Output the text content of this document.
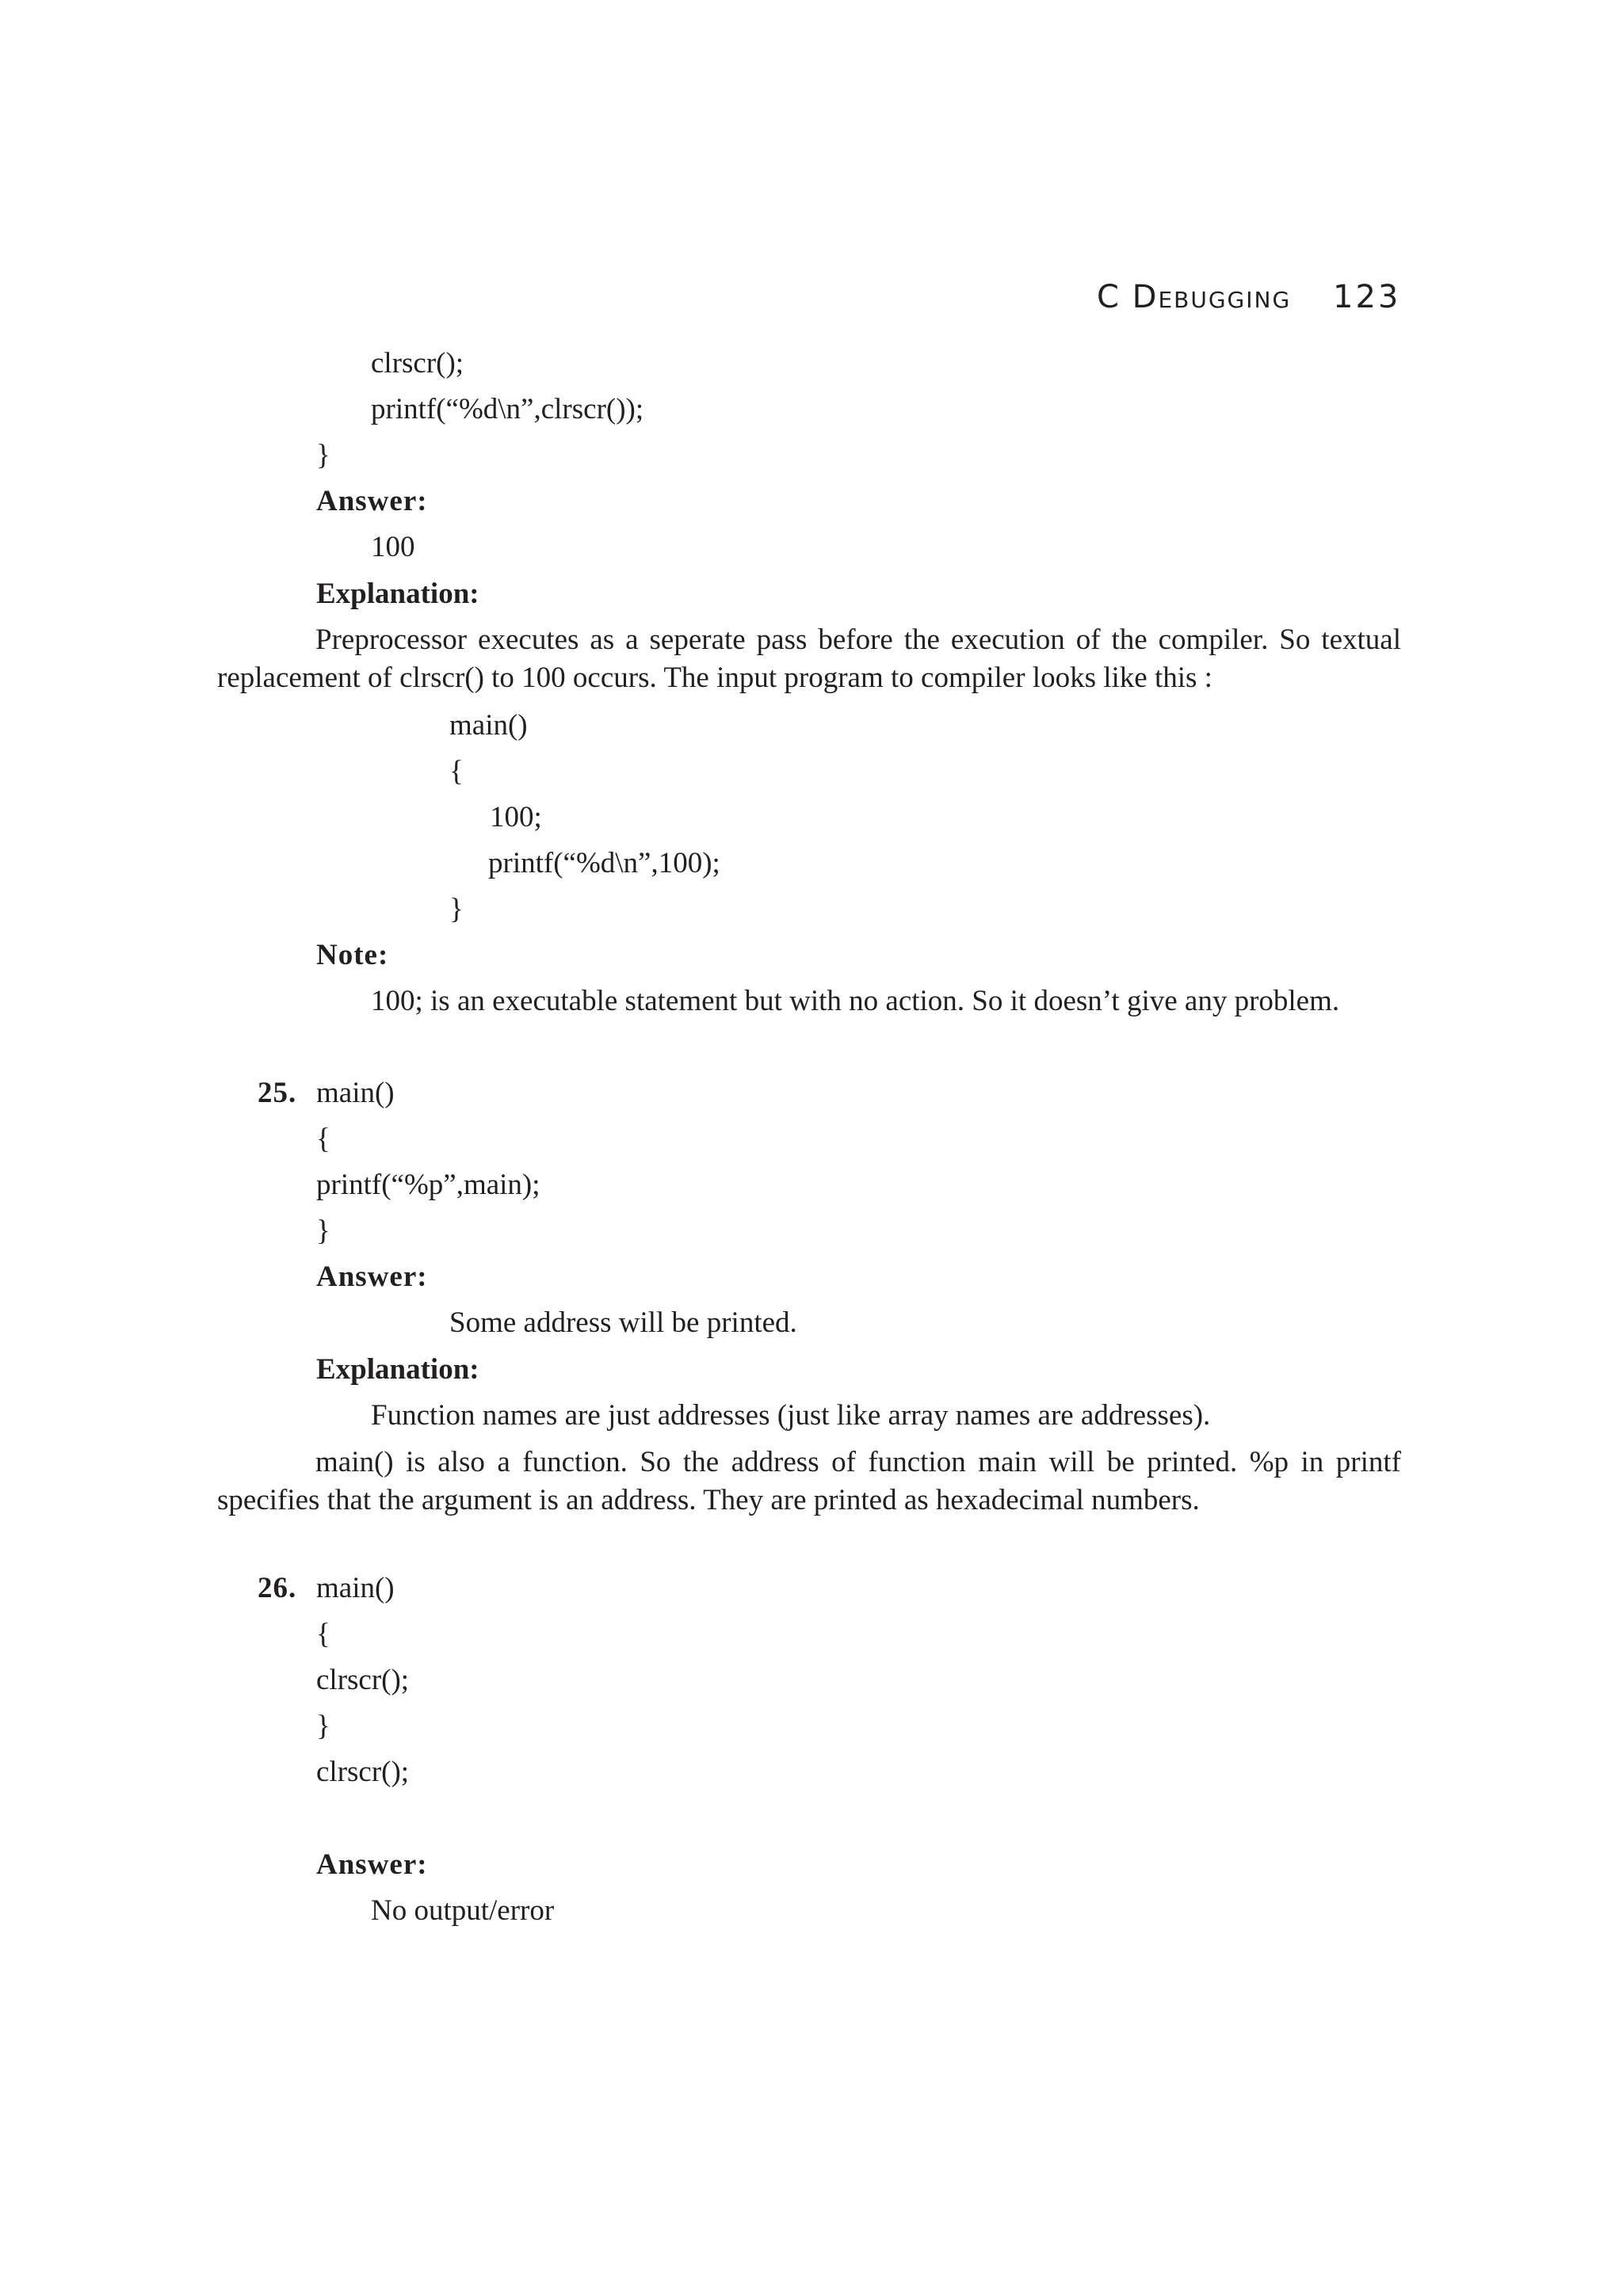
C Debugging 123
clrscr();
printf(“%d\n”,clrscr());
}
Answer:
100
Explanation:
Preprocessor executes as a seperate pass before the execution of the compiler. So textual replacement of clrscr() to 100 occurs. The input program to compiler looks like this :
main()
{
100;
printf(“%d\n”,100);
}
Note:
100; is an executable statement but with no action. So it doesn’t give any problem.
25. main()
{
printf(“%p”,main);
}
Answer:
Some address will be printed.
Explanation:
Function names are just addresses (just like array names are addresses).
main() is also a function. So the address of function main will be printed. %p in printf specifies that the argument is an address. They are printed as hexadecimal numbers.
26. main()
{
clrscr();
}
clrscr();
Answer:
No output/error
